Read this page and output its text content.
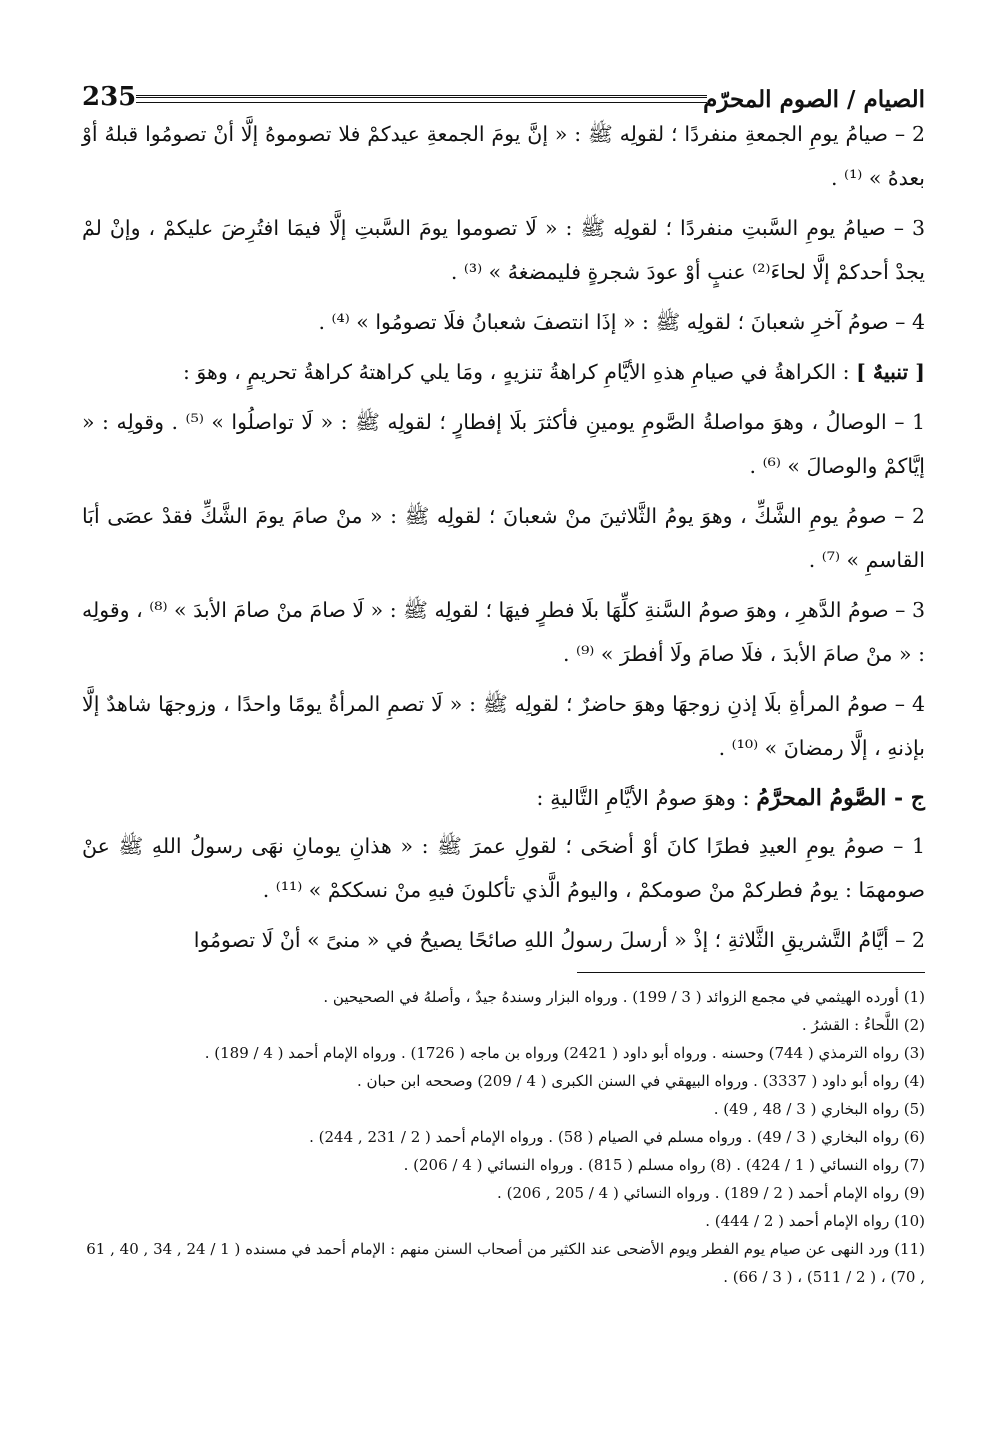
الصيام / الصوم المحرّم
235

2 – صيامُ يومِ الجمعةِ منفردًا ؛ لقولِه ﷺ : « إنَّ يومَ الجمعةِ عيدكمْ فلا تصوموهُ إلَّا أنْ تصومُوا قبلهُ أوْ بعدهُ » ⁽¹⁾ .

3 – صيامُ يومِ السَّبتِ منفردًا ؛ لقولِه ﷺ : « لَا تصوموا يومَ السَّبتِ إلَّا فيمَا افتُرِضَ عليكمْ ، وإنْ لمْ يجدْ أحدكمْ إلَّا لحاءَ⁽²⁾ عنبٍ أوْ عودَ شجرةٍ فليمضغهُ » ⁽³⁾ .

4 – صومُ آخرِ شعبانَ ؛ لقولِه ﷺ : « إذَا انتصفَ شعبانُ فلَا تصومُوا » ⁽⁴⁾ .

[ تنبيهٌ ] : الكراهةُ في صيامِ هذهِ الأيَّامِ كراهةُ تنزيهٍ ، ومَا يلي كراهتهُ كراهةُ تحريمٍ ، وهوَ :

1 – الوصالُ ، وهوَ مواصلةُ الصَّومِ يومينِ فأكثرَ بلَا إفطارٍ ؛ لقولِه ﷺ : « لَا تواصلُوا » ⁽⁵⁾ . وقولِه : « إيَّاكمْ والوصالَ » ⁽⁶⁾ .

2 – صومُ يومِ الشَّكِّ ، وهوَ يومُ الثَّلاثينَ منْ شعبانَ ؛ لقولِه ﷺ : « منْ صامَ يومَ الشَّكِّ فقدْ عصَى أبَا القاسمِ » ⁽⁷⁾ .

3 – صومُ الدَّهرِ ، وهوَ صومُ السَّنةِ كلِّهَا بلَا فطرٍ فيهَا ؛ لقولِه ﷺ : « لَا صامَ منْ صامَ الأبدَ » ⁽⁸⁾ ، وقولِه : « منْ صامَ الأبدَ ، فلَا صامَ ولَا أفطرَ » ⁽⁹⁾ .

4 – صومُ المرأةِ بلَا إذنِ زوجهَا وهوَ حاضرٌ ؛ لقولِه ﷺ : « لَا تصمِ المرأةُ يومًا واحدًا ، وزوجهَا شاهدٌ إلَّا بإذنهِ ، إلَّا رمضانَ » ⁽¹⁰⁾ .

ج - الصَّومُ المحرَّمُ : وهوَ صومُ الأيَّامِ التَّاليةِ :

1 – صومُ يومِ العيدِ فطرًا كانَ أوْ أضحَى ؛ لقولِ عمرَ ﷺ : « هذانِ يومانِ نهَى رسولُ اللهِ ﷺ عنْ صومهمَا : يومُ فطركمْ منْ صومكمْ ، واليومُ الَّذي تأكلونَ فيهِ منْ نسككمْ » ⁽¹¹⁾ .

2 – أيَّامُ التَّشريقِ الثَّلاثةِ ؛ إذْ « أرسلَ رسولُ اللهِ صائحًا يصيحُ في « منىً » أنْ لَا تصومُوا

(1) أورده الهيثمي في مجمع الزوائد ( 3 / 199) . ورواه البزار وسندهُ جيدٌ ، وأصلهُ في الصحيحين .
(2) اللَّحاءُ : القشرُ .
(3) رواه الترمذي ( 744) وحسنه . ورواه أبو داود ( 2421) ورواه بن ماجه ( 1726) . ورواه الإمام أحمد ( 4 / 189) .
(4) رواه أبو داود ( 3337) . ورواه البيهقي في السنن الكبرى ( 4 / 209) وصححه ابن حبان .
(5) رواه البخاري ( 3 / 48 , 49) .
(6) رواه البخاري ( 3 / 49) . ورواه مسلم في الصيام ( 58) . ورواه الإمام أحمد ( 2 / 231 , 244) .
(7) رواه النسائي ( 1 / 424) . (8) رواه مسلم ( 815) . ورواه النسائي ( 4 / 206) .
(9) رواه الإمام أحمد ( 2 / 189) . ورواه النسائي ( 4 / 205 , 206) .
(10) رواه الإمام أحمد ( 2 / 444) .
(11) ورد النهى عن صيام يوم الفطر ويوم الأضحى عند الكثير من أصحاب السنن منهم : الإمام أحمد في مسنده ( 1 / 24 , 34 , 40 , 61 , 70) ، ( 2 / 511) ، ( 3 / 66) .
